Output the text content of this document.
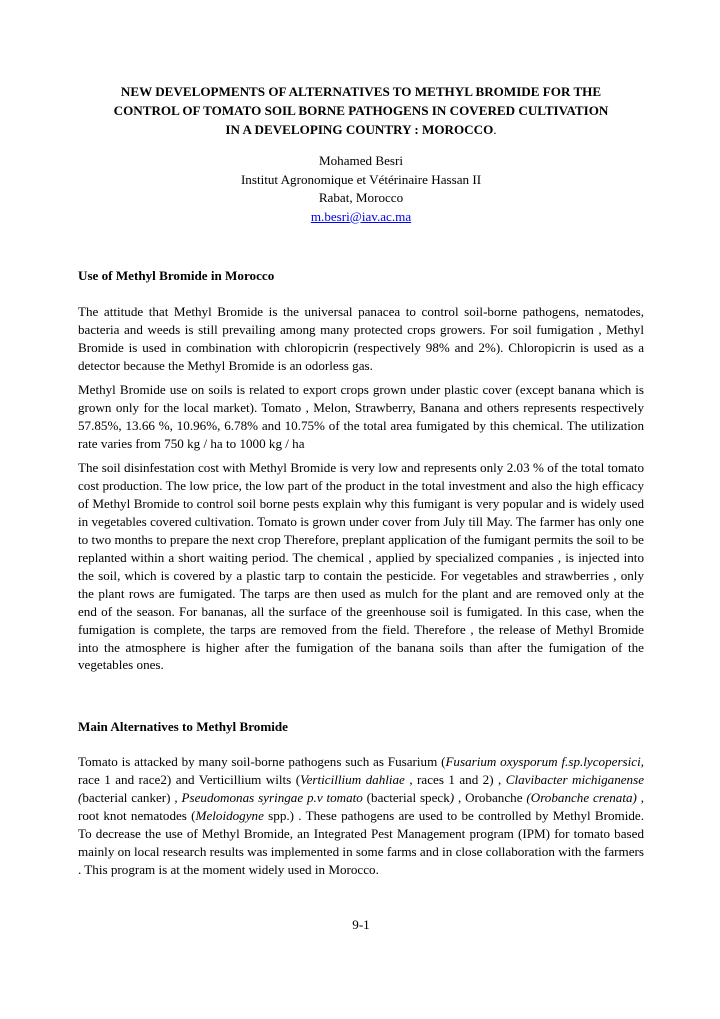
NEW DEVELOPMENTS OF ALTERNATIVES TO METHYL BROMIDE FOR THE
CONTROL OF TOMATO SOIL BORNE PATHOGENS IN COVERED CULTIVATION
IN A DEVELOPING COUNTRY : MOROCCO.
Mohamed Besri
Institut Agronomique et Vétérinaire Hassan II
Rabat, Morocco
m.besri@iav.ac.ma
Use of Methyl Bromide in Morocco

The attitude that Methyl Bromide is the universal panacea to control soil-borne pathogens, nematodes, bacteria and weeds is still prevailing among many protected crops growers. For soil fumigation , Methyl Bromide is used in combination with chloropicrin (respectively 98% and 2%). Chloropicrin is used as a detector because the Methyl Bromide is an odorless gas.

Methyl Bromide use on soils is related to export crops grown under plastic cover (except banana which is grown only for the local market). Tomato , Melon, Strawberry, Banana and others represents respectively 57.85%, 13.66 %, 10.96%, 6.78% and 10.75% of the total area fumigated by this chemical. The utilization rate varies from 750 kg / ha to 1000 kg / ha

The soil disinfestation cost with Methyl Bromide is very low and represents only 2.03 % of the total tomato cost production. The low price, the low part of the product in the total investment and also the high efficacy of Methyl Bromide to control soil borne pests explain why this fumigant is very popular and is widely used in vegetables covered cultivation. Tomato is grown under cover from July till May. The farmer has only one to two months to prepare the next crop Therefore, preplant application of the fumigant permits the soil to be replanted within a short waiting period. The chemical , applied by specialized companies , is injected into the soil, which is covered by a plastic tarp to contain the pesticide. For vegetables and strawberries , only the plant rows are fumigated. The tarps are then used as mulch for the plant and are removed only at the end of the season. For bananas, all the surface of the greenhouse soil is fumigated. In this case, when the fumigation is complete, the tarps are removed from the field. Therefore , the release of Methyl Bromide into the atmosphere is higher after the fumigation of the banana soils than after the fumigation of the vegetables ones.

Main Alternatives to Methyl Bromide

Tomato is attacked by many soil-borne pathogens such as Fusarium (Fusarium oxysporum f.sp.lycopersici, race 1 and race2) and Verticillium wilts (Verticillium dahliae , races 1 and 2) , Clavibacter michiganense (bacterial canker) , Pseudomonas syringae p.v tomato (bacterial speck) , Orobanche (Orobanche crenata) , root knot nematodes (Meloidogyne spp.) . These pathogens are used to be controlled by Methyl Bromide. To decrease the use of Methyl Bromide, an Integrated Pest Management program (IPM) for tomato based mainly on local research results was implemented in some farms and in close collaboration with the farmers . This program is at the moment widely used in Morocco.

9-1
